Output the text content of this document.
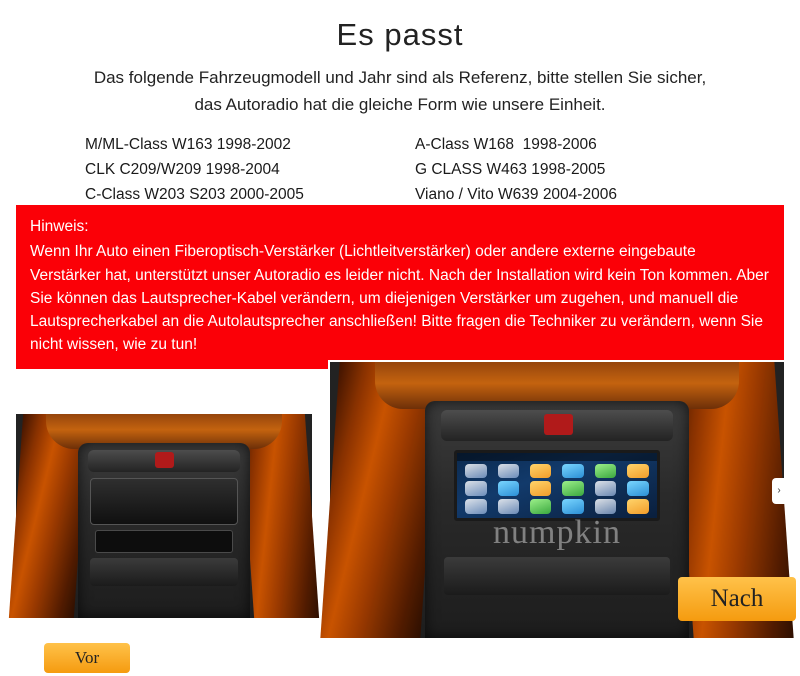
Es passt
Das folgende Fahrzeugmodell und Jahr sind als Referenz, bitte stellen Sie sicher,
das Autoradio hat die gleiche Form wie unsere Einheit.
M/ML-Class W163 1998-2002
CLK C209/W209 1998-2004
C-Class W203 S203 2000-2005
A-Class W168  1998-2006
G CLASS W463 1998-2005
Viano / Vito W639 2004-2006
Hinweis:

Wenn Ihr Auto einen Fiberoptisch-Verstärker (Lichtleitverstärker) oder andere externe eingebaute Verstärker hat, unterstützt unser Autoradio es leider nicht. Nach der Installation wird kein Ton kommen. Aber Sie können das Lautsprecher-Kabel verändern, um diejenigen Verstärker um zugehen, und manuell die Lautsprecherkabel an die Autolautsprecher anschließen! Bitte fragen die Techniker zu verändern, wenn Sie nicht wissen, wie zu tun!

Vor
numpkin
›
Nach
